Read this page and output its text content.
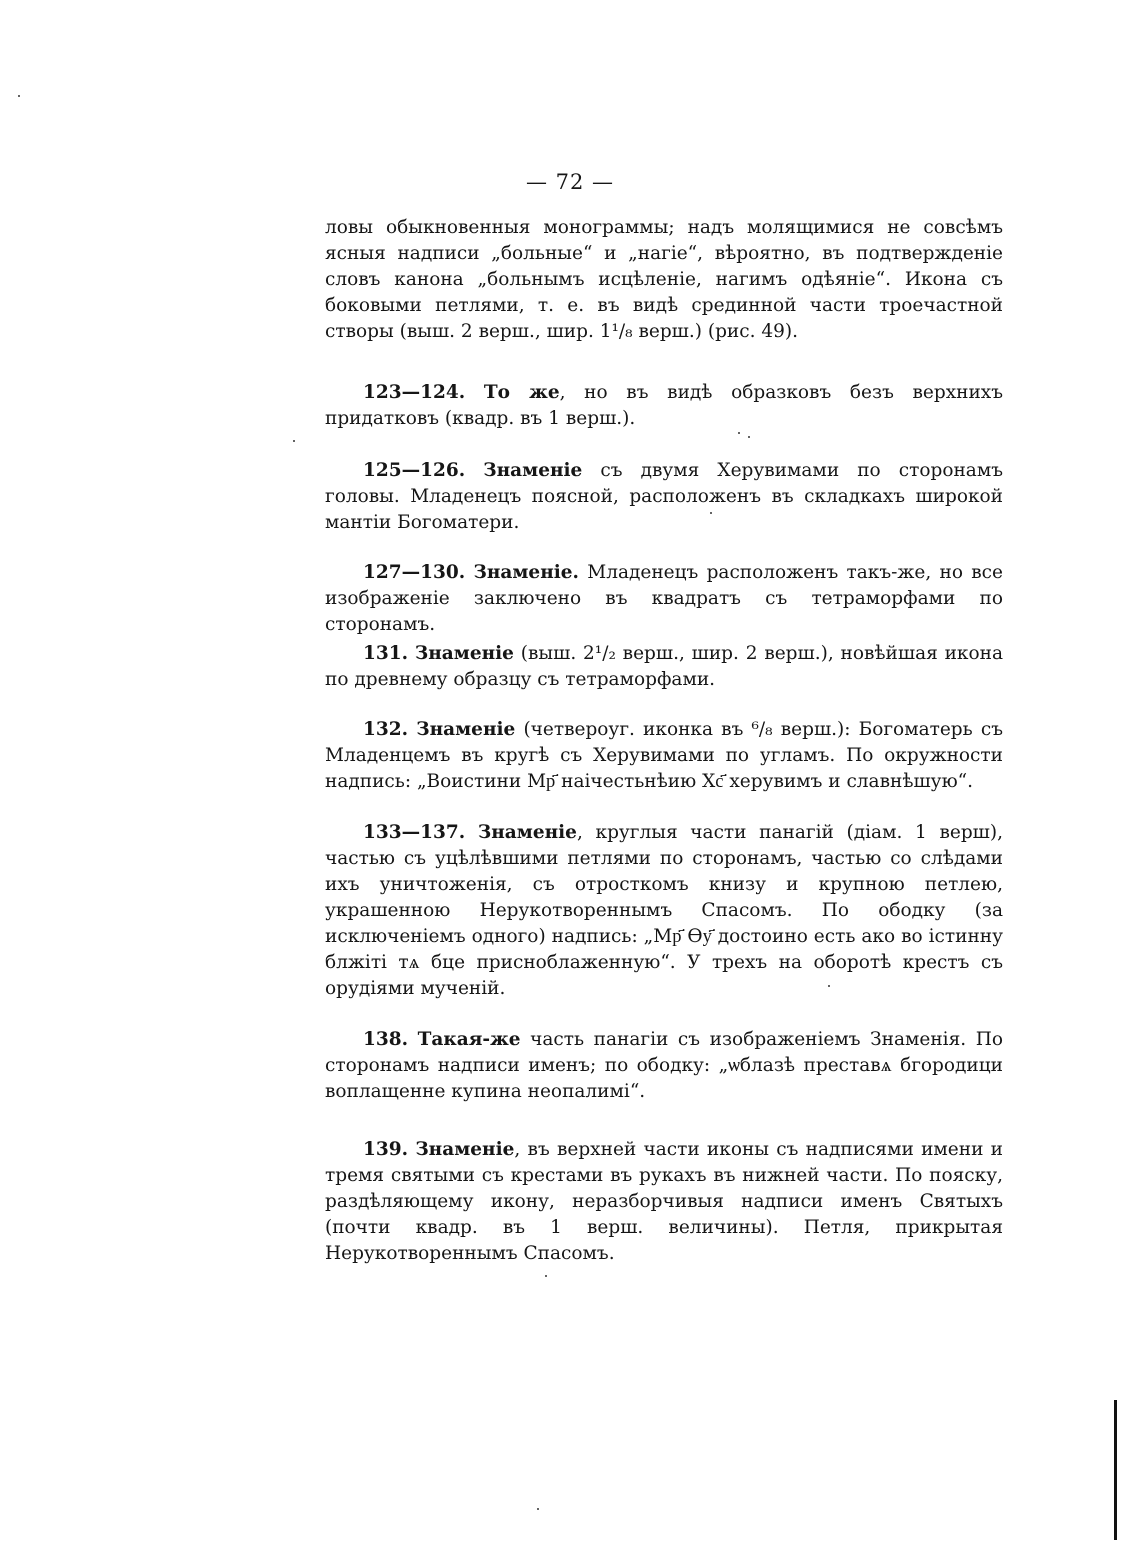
— 72 —

ловы обыкновенныя монограммы; надъ молящимися не совсѣмъ ясныя надписи „больные“ и „нагіе“, вѣроятно, въ подтвержденіе словъ канона „больнымъ исцѣленіе, нагимъ одѣяніе“. Икона съ боковыми петлями, т. е. въ видѣ срединной части троечастной створы (выш. 2 верш., шир. 1¹/₈ верш.) (рис. 49).

123—124. То же, но въ видѣ образковъ безъ верхнихъ придатковъ (квадр. въ 1 верш.).

125—126. Знаменіе съ двумя Херувимами по сторонамъ головы. Младенецъ поясной, расположенъ въ складкахъ широкой мантіи Богоматери.

127—130. Знаменіе. Младенецъ расположенъ такъ-же, но все изображеніе заключено въ квадратъ съ тетраморфами по сторонамъ.

131. Знаменіе (выш. 2¹/₂ верш., шир. 2 верш.), новѣйшая икона по древнему образцу съ тетраморфами.

132. Знаменіе (четвероуг. иконка въ ⁶/₈ верш.): Богоматерь съ Младенцемъ въ кругѣ съ Херувимами по угламъ. По окружности надпись: „Воистини Мр҃ наічестьнѣию Хс҃ херувимъ и славнѣшую“.

133—137. Знаменіе, круглыя части панагій (діам. 1 верш), частью съ уцѣлѣвшими петлями по сторонамъ, частью со слѣдами ихъ уничтоженія, съ отросткомъ книзу и крупною петлею, украшенною Нерукотвореннымъ Спасомъ. По ободку (за исключеніемъ одного) надпись: „Мр҃ Ѳу҃ достоино есть ако во істинну блжіті тѧ бце приснoблаженную“. У трехъ на оборотѣ крестъ съ орудіями мученій.

138. Такая-же часть панагіи съ изображеніемъ Знаменія. По сторонамъ надписи именъ; по ободку: „ѡблазѣ преставѧ бгородици воплащенне купина неопалимі“.

139. Знаменіе, въ верхней части иконы съ надписями имени и тремя святыми съ крестами въ рукахъ въ нижней части. По пояску, раздѣляющему икону, неразборчивыя надписи именъ Святыхъ (почти квадр. въ 1 верш. величины). Петля, прикрытая Нерукотвореннымъ Спасомъ.
